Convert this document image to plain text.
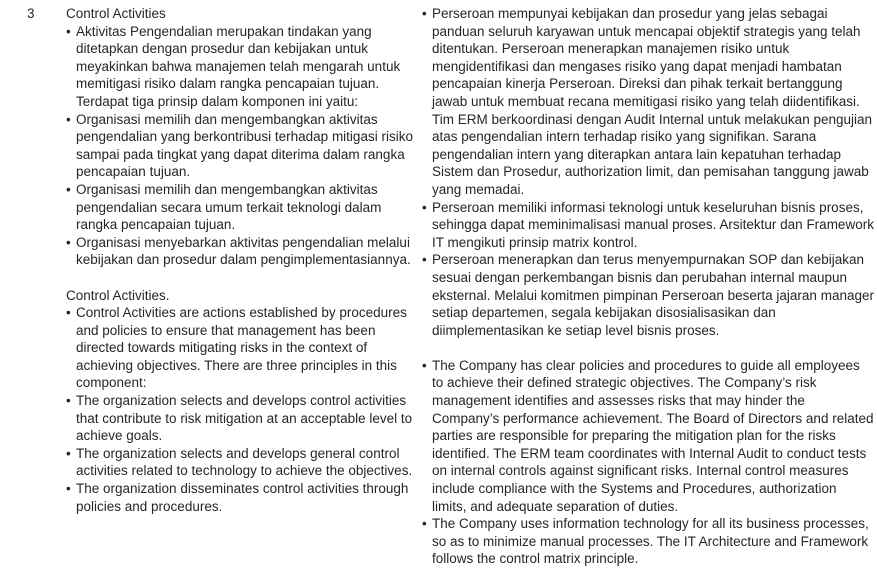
3 Control Activities
• Aktivitas Pengendalian merupakan tindakan yang ditetapkan dengan prosedur dan kebijakan untuk meyakinkan bahwa manajemen telah mengarah untuk memitigasi risiko dalam rangka pencapaian tujuan. Terdapat tiga prinsip dalam komponen ini yaitu:
• Organisasi memilih dan mengembangkan aktivitas pengendalian yang berkontribusi terhadap mitigasi risiko sampai pada tingkat yang dapat diterima dalam rangka pencapaian tujuan.
• Organisasi memilih dan mengembangkan aktivitas pengendalian secara umum terkait teknologi dalam rangka pencapaian tujuan.
• Organisasi menyebarkan aktivitas pengendalian melalui kebijakan dan prosedur dalam pengimplementasiannya.
Control Activities.
• Control Activities are actions established by procedures and policies to ensure that management has been directed towards mitigating risks in the context of achieving objectives. There are three principles in this component:
• The organization selects and develops control activities that contribute to risk mitigation at an acceptable level to achieve goals.
• The organization selects and develops general control activities related to technology to achieve the objectives.
• The organization disseminates control activities through policies and procedures.
• Perseroan mempunyai kebijakan dan prosedur yang jelas sebagai panduan seluruh karyawan untuk mencapai objektif strategis yang telah ditentukan. Perseroan menerapkan manajemen risiko untuk mengidentifikasi dan mengases risiko yang dapat menjadi hambatan pencapaian kinerja Perseroan. Direksi dan pihak terkait bertanggung jawab untuk membuat recana memitigasi risiko yang telah diidentifikasi. Tim ERM berkoordinasi dengan Audit Internal untuk melakukan pengujian atas pengendalian intern terhadap risiko yang signifikan. Sarana pengendalian intern yang diterapkan antara lain kepatuhan terhadap Sistem dan Prosedur, authorization limit, dan pemisahan tanggung jawab yang memadai.
• Perseroan memiliki informasi teknologi untuk keseluruhan bisnis proses, sehingga dapat meminimalisasi manual proses. Arsitektur dan Framework IT mengikuti prinsip matrix kontrol.
• Perseroan menerapkan dan terus menyempurnakan SOP dan kebijakan sesuai dengan perkembangan bisnis dan perubahan internal maupun eksternal. Melalui komitmen pimpinan Perseroan beserta jajaran manager setiap departemen, segala kebijakan disosialisasikan dan diimplementasikan ke setiap level bisnis proses.
• The Company has clear policies and procedures to guide all employees to achieve their defined strategic objectives. The Company’s risk management identifies and assesses risks that may hinder the Company’s performance achievement. The Board of Directors and related parties are responsible for preparing the mitigation plan for the risks identified. The ERM team coordinates with Internal Audit to conduct tests on internal controls against significant risks. Internal control measures include compliance with the Systems and Procedures, authorization limits, and adequate separation of duties.
• The Company uses information technology for all its business processes, so as to minimize manual processes. The IT Architecture and Framework follows the control matrix principle.
